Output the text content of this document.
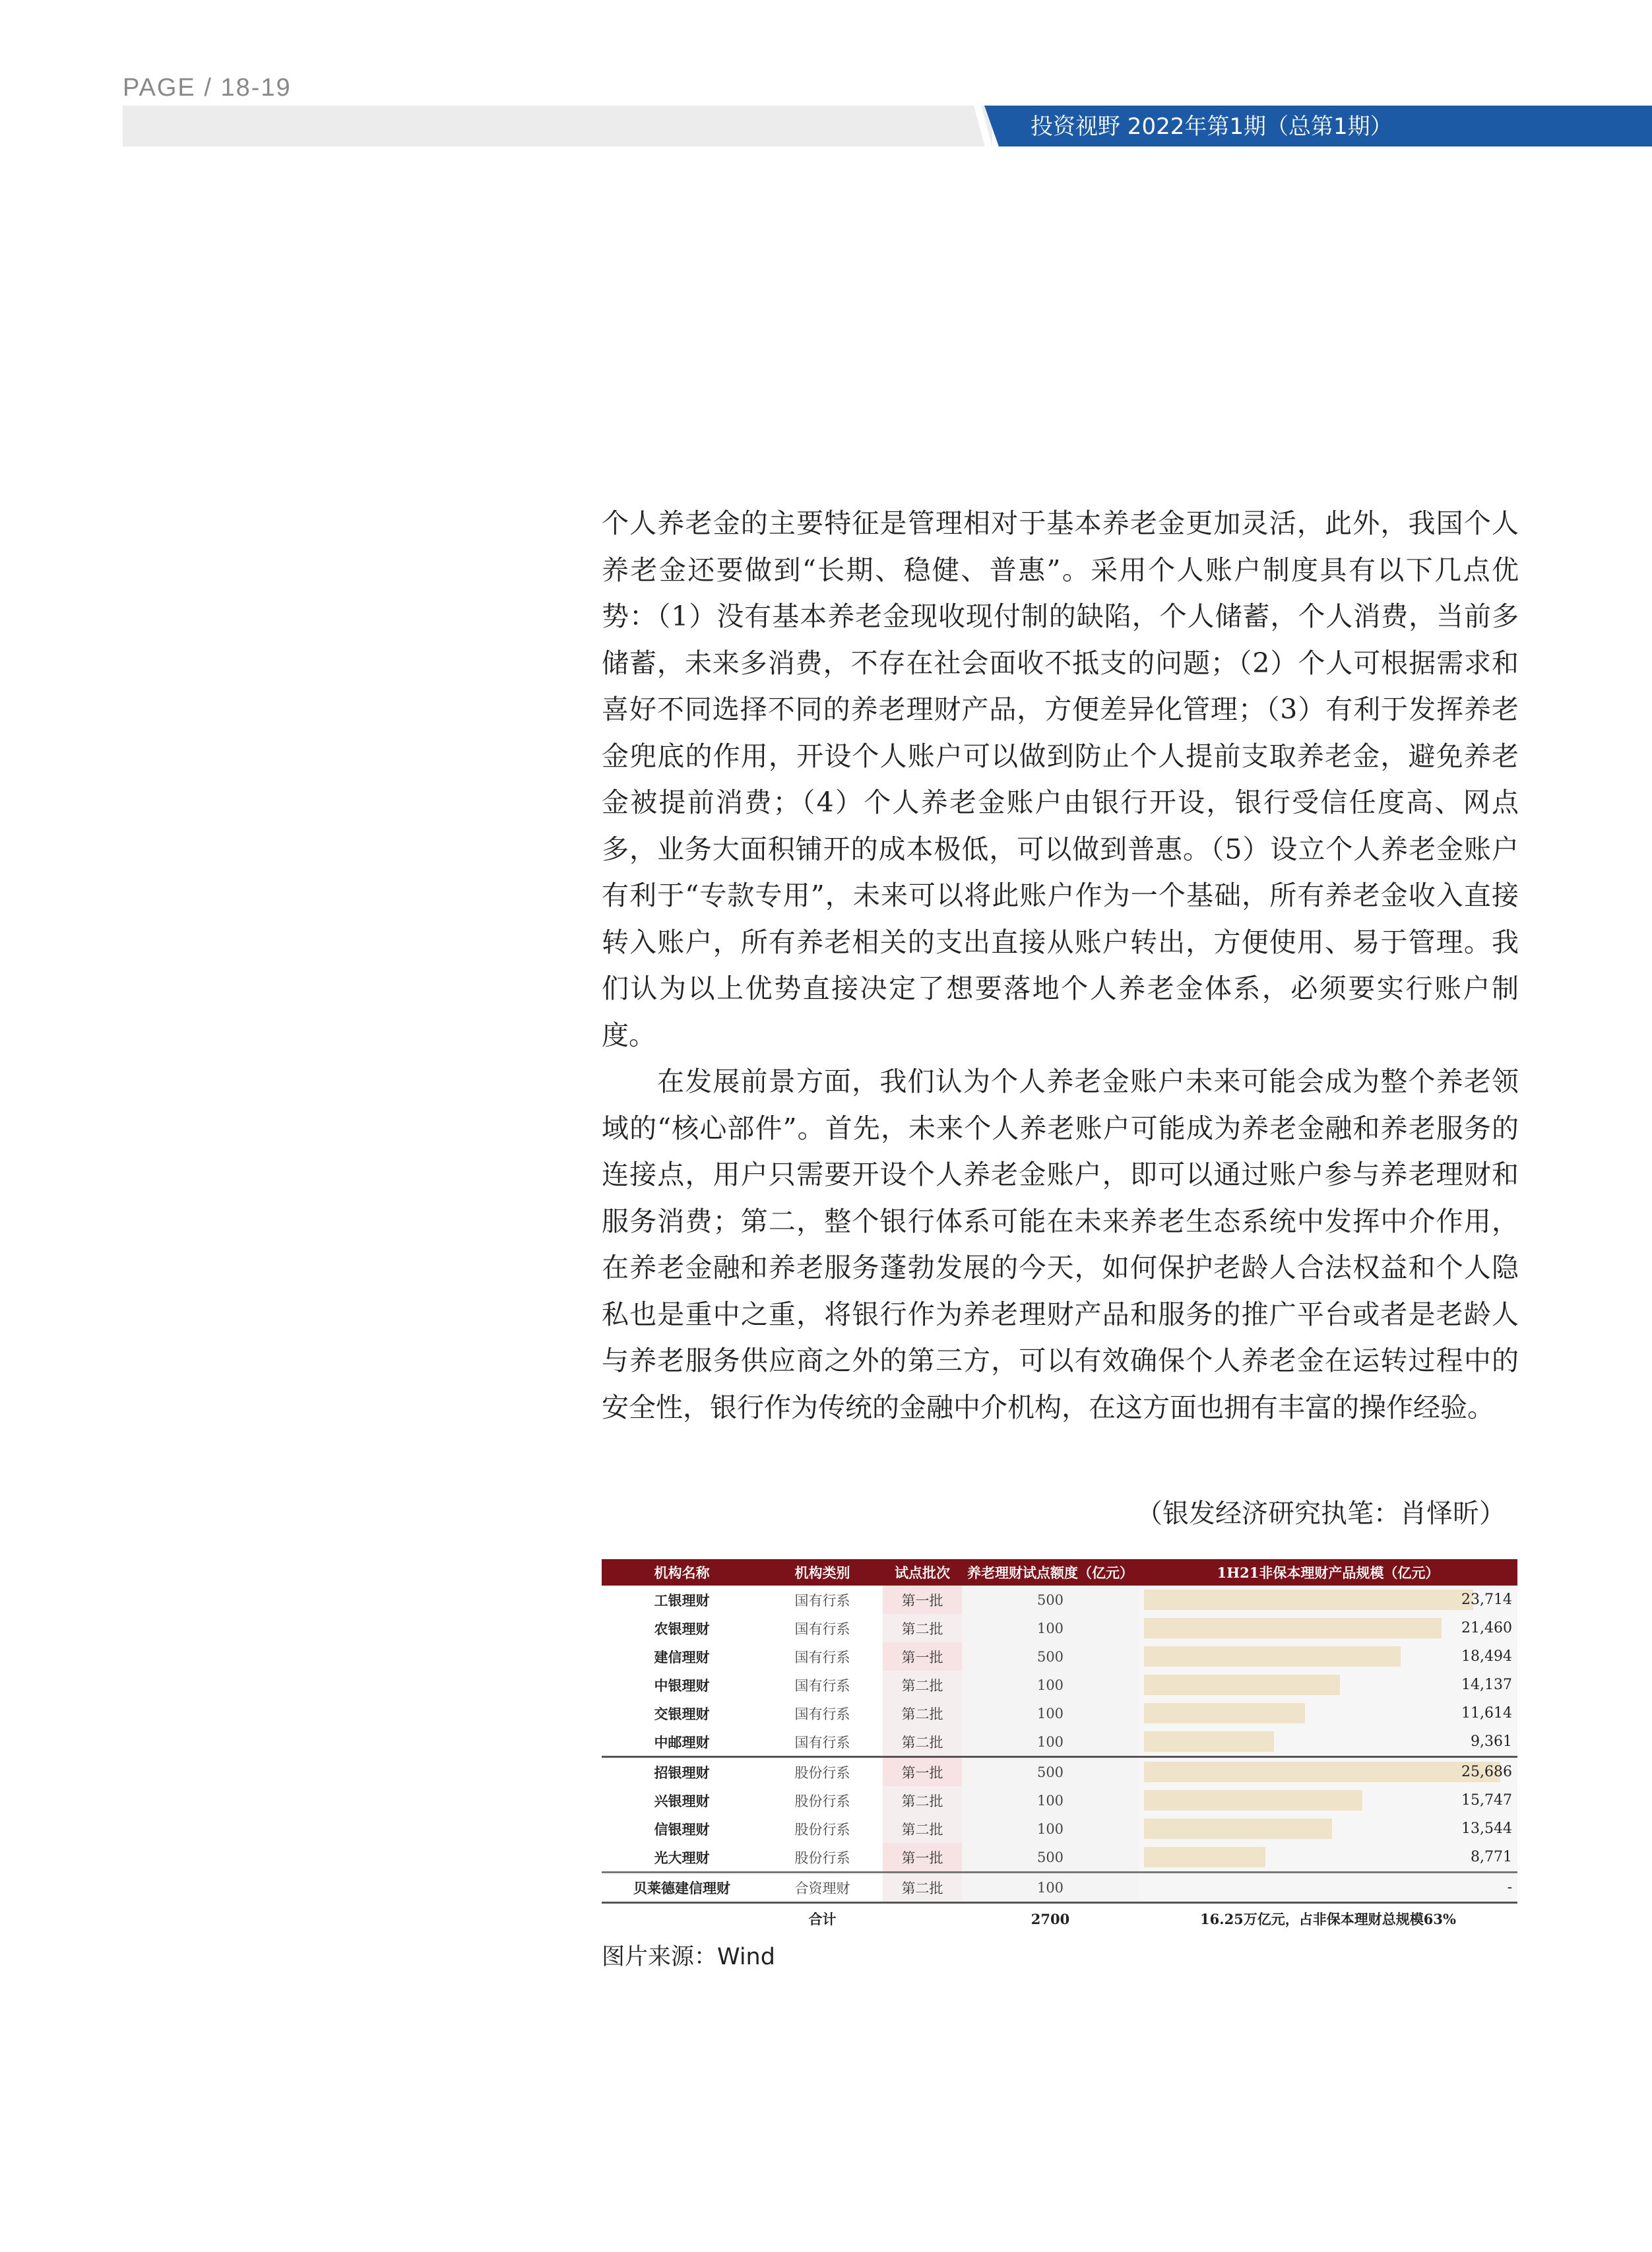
PAGE / 18-19
投资视野 2022年第1期（总第1期）

个人养老金的主要特征是管理相对于基本养老金更加灵活，此外，我国个人养老金还要做到“长期、稳健、普惠”。采用个人账户制度具有以下几点优势：（1）没有基本养老金现收现付制的缺陷，个人储蓄，个人消费，当前多储蓄，未来多消费，不存在社会面收不抵支的问题；（2）个人可根据需求和喜好不同选择不同的养老理财产品，方便差异化管理；（3）有利于发挥养老金兜底的作用，开设个人账户可以做到防止个人提前支取养老金，避免养老金被提前消费；（4）个人养老金账户由银行开设，银行受信任度高、网点多，业务大面积铺开的成本极低，可以做到普惠。（5）设立个人养老金账户有利于“专款专用”，未来可以将此账户作为一个基础，所有养老金收入直接转入账户，所有养老相关的支出直接从账户转出，方便使用、易于管理。我们认为以上优势直接决定了想要落地个人养老金体系，必须要实行账户制度。

在发展前景方面，我们认为个人养老金账户未来可能会成为整个养老领域的“核心部件”。首先，未来个人养老账户可能成为养老金融和养老服务的连接点，用户只需要开设个人养老金账户，即可以通过账户参与养老理财和服务消费；第二，整个银行体系可能在未来养老生态系统中发挥中介作用，在养老金融和养老服务蓬勃发展的今天，如何保护老龄人合法权益和个人隐私也是重中之重，将银行作为养老理财产品和服务的推广平台或者是老龄人与养老服务供应商之外的第三方，可以有效确保个人养老金在运转过程中的安全性，银行作为传统的金融中介机构，在这方面也拥有丰富的操作经验。

（银发经济研究执笔：肖怿昕）
机构名称	机构类别	试点批次	养老理财试点额度（亿元）	1H21非保本理财产品规模（亿元）
工银理财	国有行系	第一批	500	23,714
农银理财	国有行系	第二批	100	21,460
建信理财	国有行系	第一批	500	18,494
中银理财	国有行系	第二批	100	14,137
交银理财	国有行系	第二批	100	11,614
中邮理财	国有行系	第二批	100	9,361
招银理财	股份行系	第一批	500	25,686
兴银理财	股份行系	第二批	100	15,747
信银理财	股份行系	第二批	100	13,544
光大理财	股份行系	第一批	500	8,771
贝莱德建信理财	合资理财	第二批	100	-
	合计		2700	16.25万亿元，占非保本理财总规模63%
图片来源：Wind
